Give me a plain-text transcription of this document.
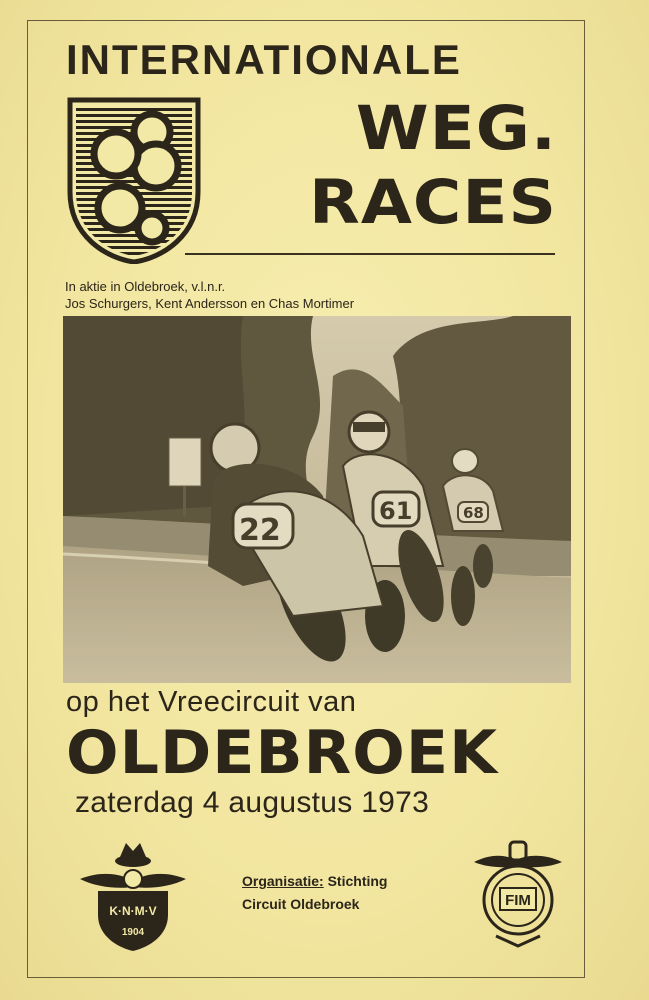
INTERNATIONALE
WEG.
RACES
In aktie in Oldebroek, v.l.n.r.
Jos Schurgers, Kent Andersson en Chas Mortimer
68
61
22
op het Vreecircuit van
OLDEBROEK
zaterdag 4 augustus 1973
K·N·M·V
1904
Organisatie: Stichting
Circuit Oldebroek	FIM
